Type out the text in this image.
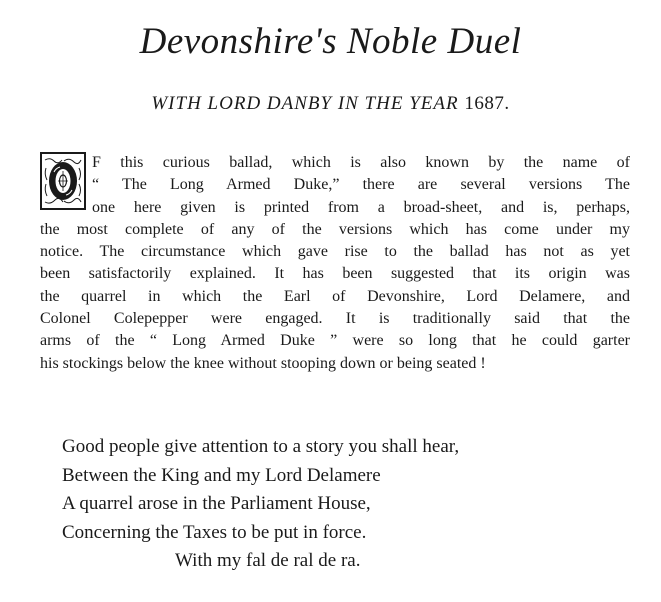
Devonshire's Noble Duel
WITH LORD DANBY IN THE YEAR 1687.
F this curious ballad, which is also known by the name of
“ The Long Armed Duke,” there are several versions The
one here given is printed from a broad-sheet, and is, perhaps,
the most complete of any of the versions which has come under my
notice. The circumstance which gave rise to the ballad has not as yet
been satisfactorily explained. It has been suggested that its origin was
the quarrel in which the Earl of Devonshire, Lord Delamere, and
Colonel Colepepper were engaged. It is traditionally said that the
arms of the “ Long Armed Duke ” were so long that he could garter
his stockings below the knee without stooping down or being seated !
Good people give attention to a story you shall hear,
Between the King and my Lord Delamere
A quarrel arose in the Parliament House,
Concerning the Taxes to be put in force.
With my fal de ral de ra.
